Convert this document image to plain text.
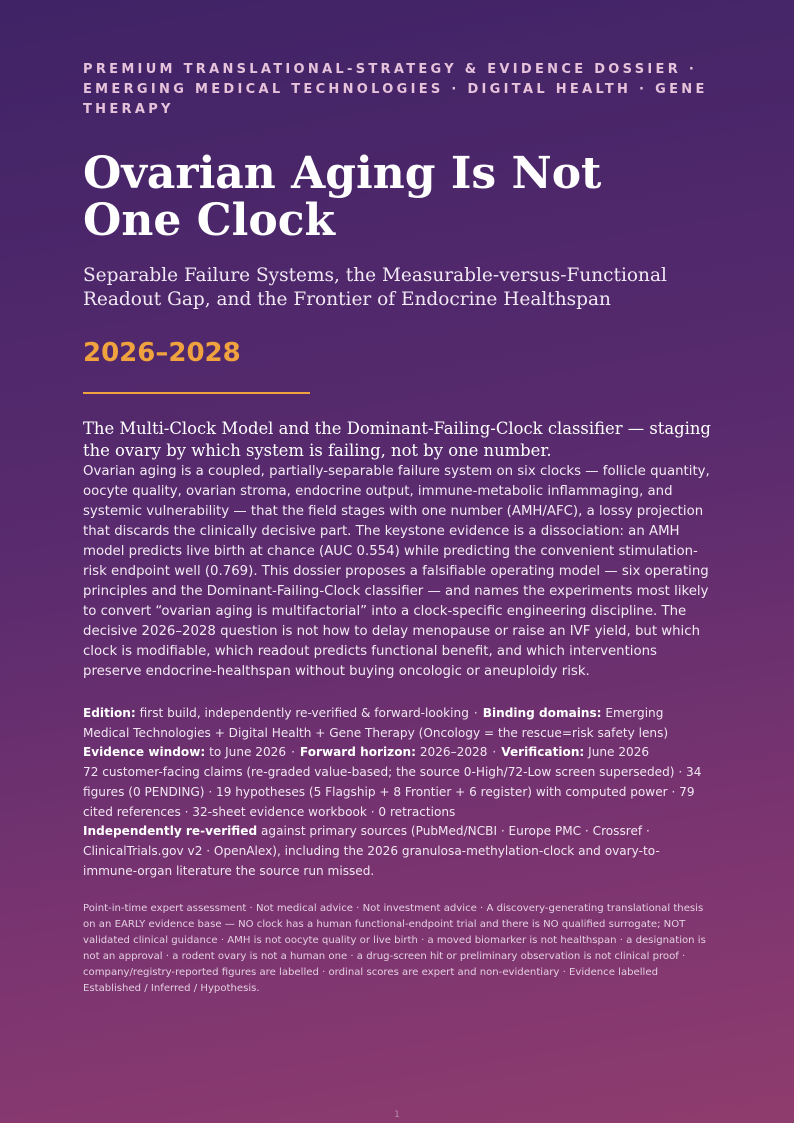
PREMIUM TRANSLATIONAL-STRATEGY & EVIDENCE DOSSIER · EMERGING MEDICAL TECHNOLOGIES · DIGITAL HEALTH · GENE THERAPY

Ovarian Aging Is Not One Clock

Separable Failure Systems, the Measurable-versus-Functional Readout Gap, and the Frontier of Endocrine Healthspan

2026–2028

The Multi-Clock Model and the Dominant-Failing-Clock classifier — staging the ovary by which system is failing, not by one number.

Ovarian aging is a coupled, partially-separable failure system on six clocks — follicle quantity, oocyte quality, ovarian stroma, endocrine output, immune-metabolic inflammaging, and systemic vulnerability — that the field stages with one number (AMH/AFC), a lossy projection that discards the clinically decisive part. The keystone evidence is a dissociation: an AMH model predicts live birth at chance (AUC 0.554) while predicting the convenient stimulation-risk endpoint well (0.769). This dossier proposes a falsifiable operating model — six operating principles and the Dominant-Failing-Clock classifier — and names the experiments most likely to convert “ovarian aging is multifactorial” into a clock-specific engineering discipline. The decisive 2026–2028 question is not how to delay menopause or raise an IVF yield, but which clock is modifiable, which readout predicts functional benefit, and which interventions preserve endocrine-healthspan without buying oncologic or aneuploidy risk.

Edition: first build, independently re-verified & forward-looking · Binding domains: Emerging Medical Technologies + Digital Health + Gene Therapy (Oncology = the rescue=risk safety lens)
Evidence window: to June 2026 · Forward horizon: 2026–2028 · Verification: June 2026
72 customer-facing claims (re-graded value-based; the source 0-High/72-Low screen superseded) · 34 figures (0 PENDING) · 19 hypotheses (5 Flagship + 8 Frontier + 6 register) with computed power · 79 cited references · 32-sheet evidence workbook · 0 retractions
Independently re-verified against primary sources (PubMed/NCBI · Europe PMC · Crossref · ClinicalTrials.gov v2 · OpenAlex), including the 2026 granulosa-methylation-clock and ovary-to-immune-organ literature the source run missed.

Point-in-time expert assessment · Not medical advice · Not investment advice · A discovery-generating translational thesis on an EARLY evidence base — NO clock has a human functional-endpoint trial and there is NO qualified surrogate; NOT validated clinical guidance · AMH is not oocyte quality or live birth · a moved biomarker is not healthspan · a designation is not an approval · a rodent ovary is not a human one · a drug-screen hit or preliminary observation is not clinical proof · company/registry-reported figures are labelled · ordinal scores are expert and non-evidentiary · Evidence labelled Established / Inferred / Hypothesis.

1
